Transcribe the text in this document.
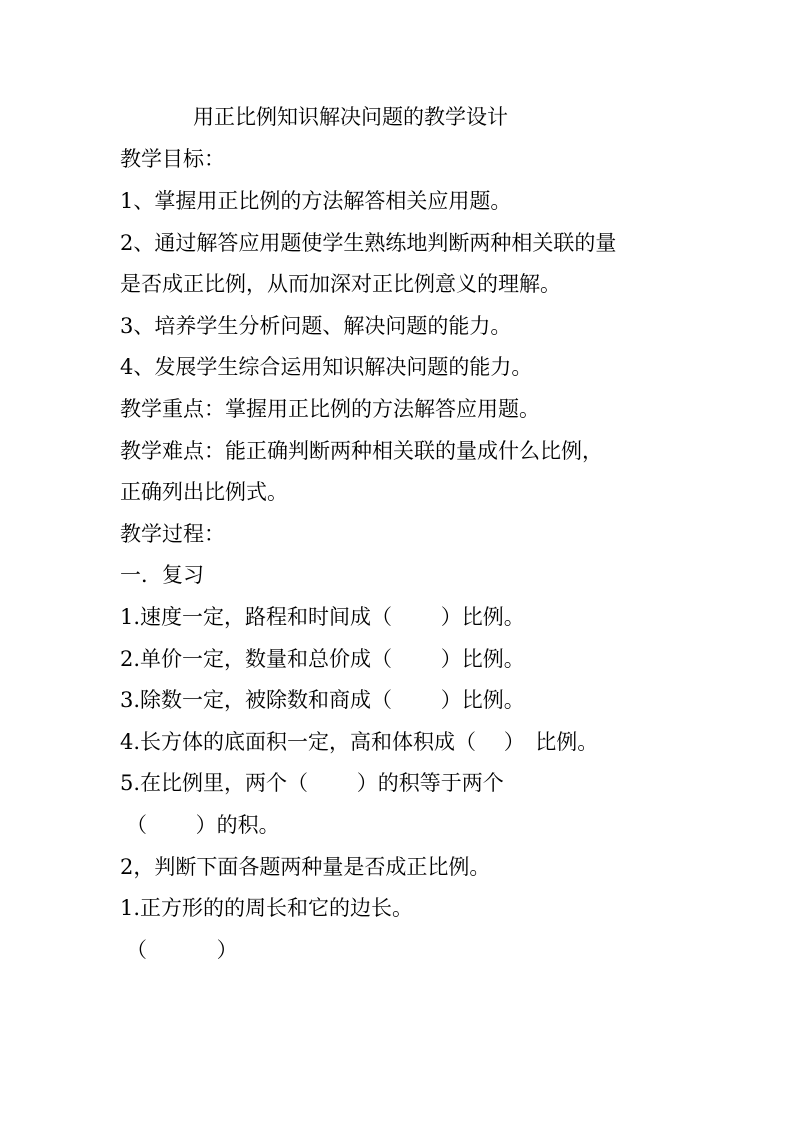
用正比例知识解决问题的教学设计
教学目标：
1、掌握用正比例的方法解答相关应用题。
2、通过解答应用题使学生熟练地判断两种相关联的量
是否成正比例，从而加深对正比例意义的理解。
3、培养学生分析问题、解决问题的能力。
4、发展学生综合运用知识解决问题的能力。
教学重点：掌握用正比例的方法解答应用题。
教学难点：能正确判断两种相关联的量成什么比例，
正确列出比例式。
教学过程：
一．复习
1.速度一定，路程和时间成（　　 ）比例。
2.单价一定，数量和总价成（　　 ）比例。
3.除数一定，被除数和商成（　　 ）比例。
4.长方体的底面积一定，高和体积成（　 ）　比例。
5.在比例里，两个（　　 ）的积等于两个
（　　 ）的积。
2，判断下面各题两种量是否成正比例。
1.正方形的的周长和它的边长。
（　　　 ）
